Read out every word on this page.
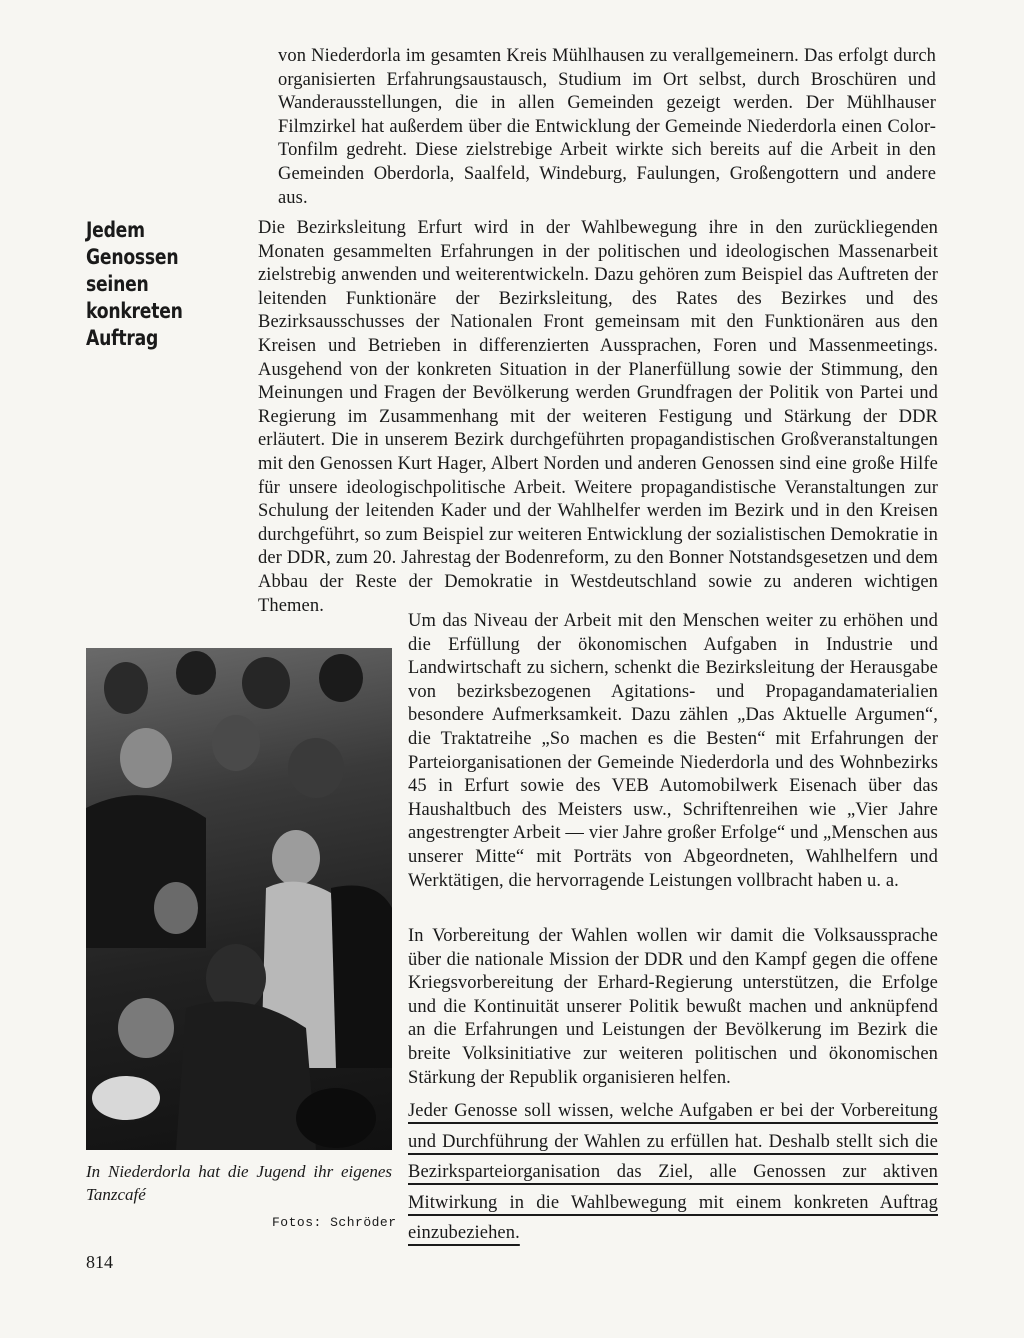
von Niederdorla im gesamten Kreis Mühlhausen zu verallgemeinern. Das erfolgt durch organisierten Erfahrungsaustausch, Studium im Ort selbst, durch Broschüren und Wanderausstellungen, die in allen Gemeinden gezeigt werden. Der Mühlhauser Filmzirkel hat außerdem über die Entwicklung der Gemeinde Niederdorla einen Color-Tonfilm gedreht. Diese zielstrebige Arbeit wirkte sich bereits auf die Arbeit in den Gemeinden Oberdorla, Saalfeld, Windeburg, Faulungen, Großengottern und andere aus.

Jedem Genossen seinen konkreten Auftrag

Die Bezirksleitung Erfurt wird in der Wahlbewegung ihre in den zurückliegenden Monaten gesammelten Erfahrungen in der politischen und ideologischen Massenarbeit zielstrebig anwenden und weiterentwickeln. Dazu gehören zum Beispiel das Auftreten der leitenden Funktionäre der Bezirksleitung, des Rates des Bezirkes und des Bezirksausschusses der Nationalen Front gemeinsam mit den Funktionären aus den Kreisen und Betrieben in differenzierten Aussprachen, Foren und Massenmeetings. Ausgehend von der konkreten Situation in der Planerfüllung sowie der Stimmung, den Meinungen und Fragen der Bevölkerung werden Grundfragen der Politik von Partei und Regierung im Zusammenhang mit der weiteren Festigung und Stärkung der DDR erläutert. Die in unserem Bezirk durchgeführten propagandistischen Großveranstaltungen mit den Genossen Kurt Hager, Albert Norden und anderen Genossen sind eine große Hilfe für unsere ideologischpolitische Arbeit. Weitere propagandistische Veranstaltungen zur Schulung der leitenden Kader und der Wahlhelfer werden im Bezirk und in den Kreisen durchgeführt, so zum Beispiel zur weiteren Entwicklung der sozialistischen Demokratie in der DDR, zum 20. Jahrestag der Bodenreform, zu den Bonner Notstandsgesetzen und dem Abbau der Reste der Demokratie in Westdeutschland sowie zu anderen wichtigen Themen.

Um das Niveau der Arbeit mit den Menschen weiter zu erhöhen und die Erfüllung der ökonomischen Aufgaben in Industrie und Landwirtschaft zu sichern, schenkt die Bezirksleitung der Herausgabe von bezirksbezogenen Agitations- und Propagandamaterialien besondere Aufmerksamkeit. Dazu zählen „Das Aktuelle Argumen“, die Traktatreihe „So machen es die Besten“ mit Erfahrungen der Parteiorganisationen der Gemeinde Niederdorla und des Wohnbezirks 45 in Erfurt sowie des VEB Automobilwerk Eisenach über das Haushaltbuch des Meisters usw., Schriftenreihen wie „Vier Jahre angestrengter Arbeit — vier Jahre großer Erfolge“ und „Menschen aus unserer Mitte“ mit Porträts von Abgeordneten, Wahlhelfern und Werktätigen, die hervorragende Leistungen vollbracht haben u. a.

In Vorbereitung der Wahlen wollen wir damit die Volksaussprache über die nationale Mission der DDR und den Kampf gegen die offene Kriegsvorbereitung der Erhard-Regierung unterstützen, die Erfolge und die Kontinuität unserer Politik bewußt machen und anknüpfend an die Erfahrungen und Leistungen der Bevölkerung im Bezirk die breite Volksinitiative zur weiteren politischen und ökonomischen Stärkung der Republik organisieren helfen.

Jeder Genosse soll wissen, welche Aufgaben er bei der Vorbereitung und Durchführung der Wahlen zu erfüllen hat. Deshalb stellt sich die Bezirksparteiorganisation das Ziel, alle Genossen zur aktiven Mitwirkung in die Wahlbewegung mit einem konkreten Auftrag einzubeziehen.

In Niederdorla hat die Jugend ihr eigenes Tanzcafé

Fotos: Schröder
814
